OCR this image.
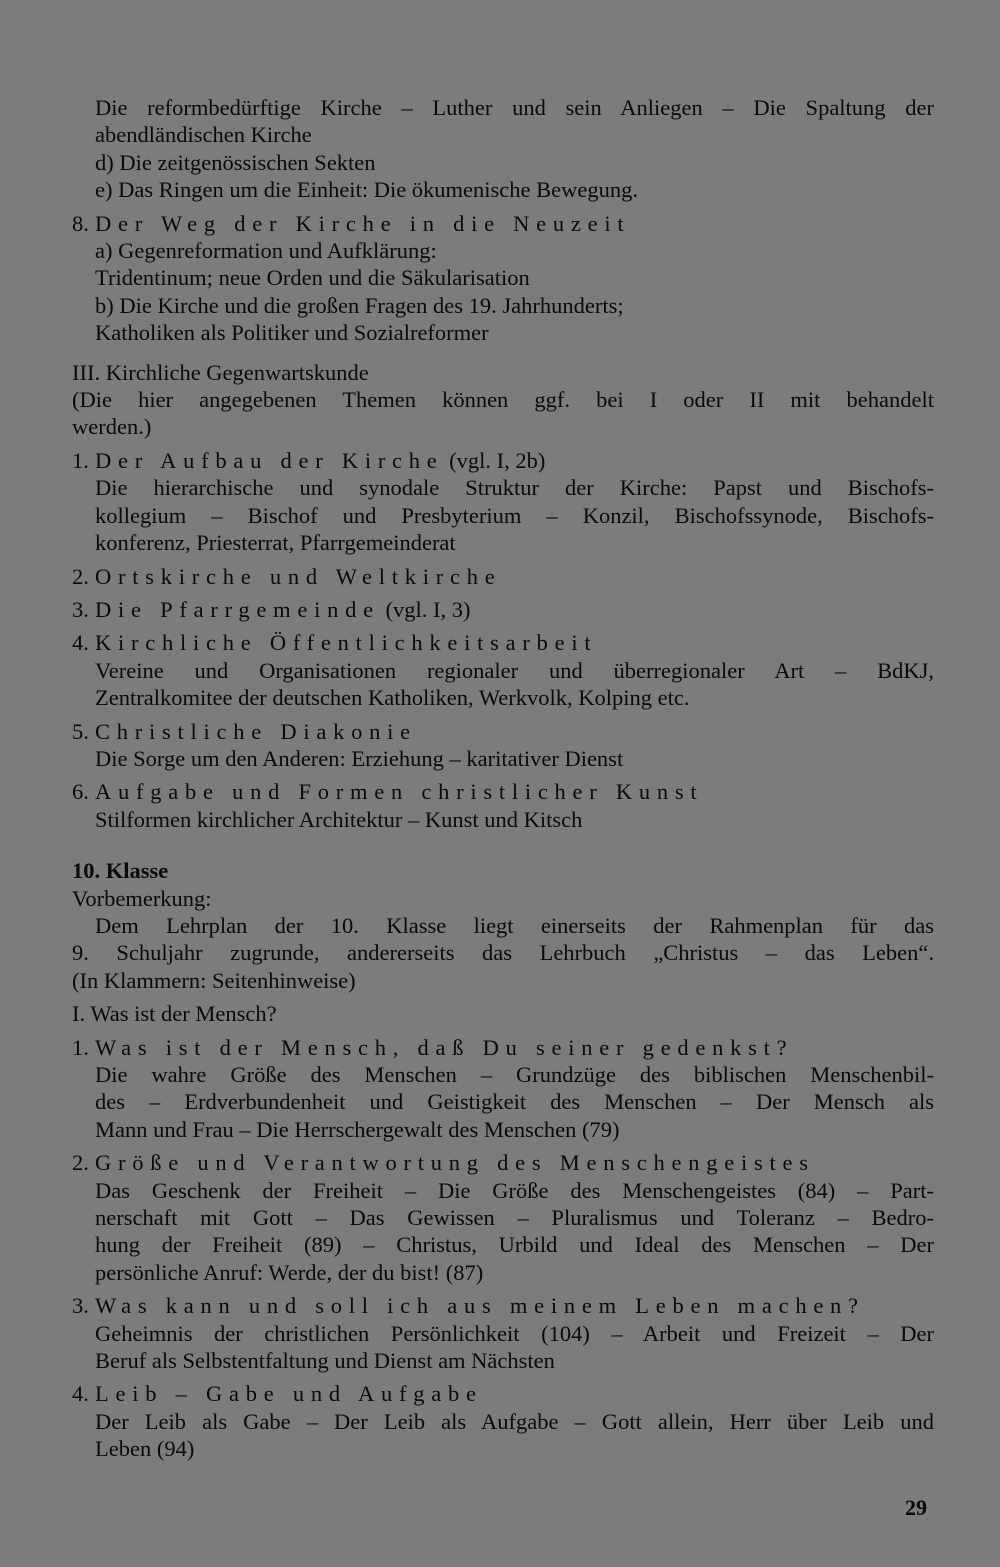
Die reformbedürftige Kirche – Luther und sein Anliegen – Die Spaltung der
abendländischen Kirche
d) Die zeitgenössischen Sekten
e) Das Ringen um die Einheit: Die ökumenische Bewegung.
8. Der Weg der Kirche in die Neuzeit
a) Gegenreformation und Aufklärung:
Tridentinum; neue Orden und die Säkularisation
b) Die Kirche und die großen Fragen des 19. Jahrhunderts;
Katholiken als Politiker und Sozialreformer
III. Kirchliche Gegenwartskunde
(Die hier angegebenen Themen können ggf. bei I oder II mit behandelt
werden.)
1. Der Aufbau der Kirche (vgl. I, 2b)
Die hierarchische und synodale Struktur der Kirche: Papst und Bischofs-
kollegium – Bischof und Presbyterium – Konzil, Bischofssynode, Bischofs-
konferenz, Priesterrat, Pfarrgemeinderat
2. Ortskirche und Weltkirche
3. Die Pfarrgemeinde (vgl. I, 3)
4. Kirchliche Öffentlichkeitsarbeit
Vereine und Organisationen regionaler und überregionaler Art – BdKJ,
Zentralkomitee der deutschen Katholiken, Werkvolk, Kolping etc.
5. Christliche Diakonie
Die Sorge um den Anderen: Erziehung – karitativer Dienst
6. Aufgabe und Formen christlicher Kunst
Stilformen kirchlicher Architektur – Kunst und Kitsch
10. Klasse
Vorbemerkung:
Dem Lehrplan der 10. Klasse liegt einerseits der Rahmenplan für das
9. Schuljahr zugrunde, andererseits das Lehrbuch „Christus – das Leben“.
(In Klammern: Seitenhinweise)
I. Was ist der Mensch?
1. Was ist der Mensch, daß Du seiner gedenkst?
Die wahre Größe des Menschen – Grundzüge des biblischen Menschenbil-
des – Erdverbundenheit und Geistigkeit des Menschen – Der Mensch als
Mann und Frau – Die Herrschergewalt des Menschen (79)
2. Größe und Verantwortung des Menschengeistes
Das Geschenk der Freiheit – Die Größe des Menschengeistes (84) – Part-
nerschaft mit Gott – Das Gewissen – Pluralismus und Toleranz – Bedro-
hung der Freiheit (89) – Christus, Urbild und Ideal des Menschen – Der
persönliche Anruf: Werde, der du bist! (87)
3. Was kann und soll ich aus meinem Leben machen?
Geheimnis der christlichen Persönlichkeit (104) – Arbeit und Freizeit – Der
Beruf als Selbstentfaltung und Dienst am Nächsten
4. Leib – Gabe und Aufgabe
Der Leib als Gabe – Der Leib als Aufgabe – Gott allein, Herr über Leib und
Leben (94)
29
